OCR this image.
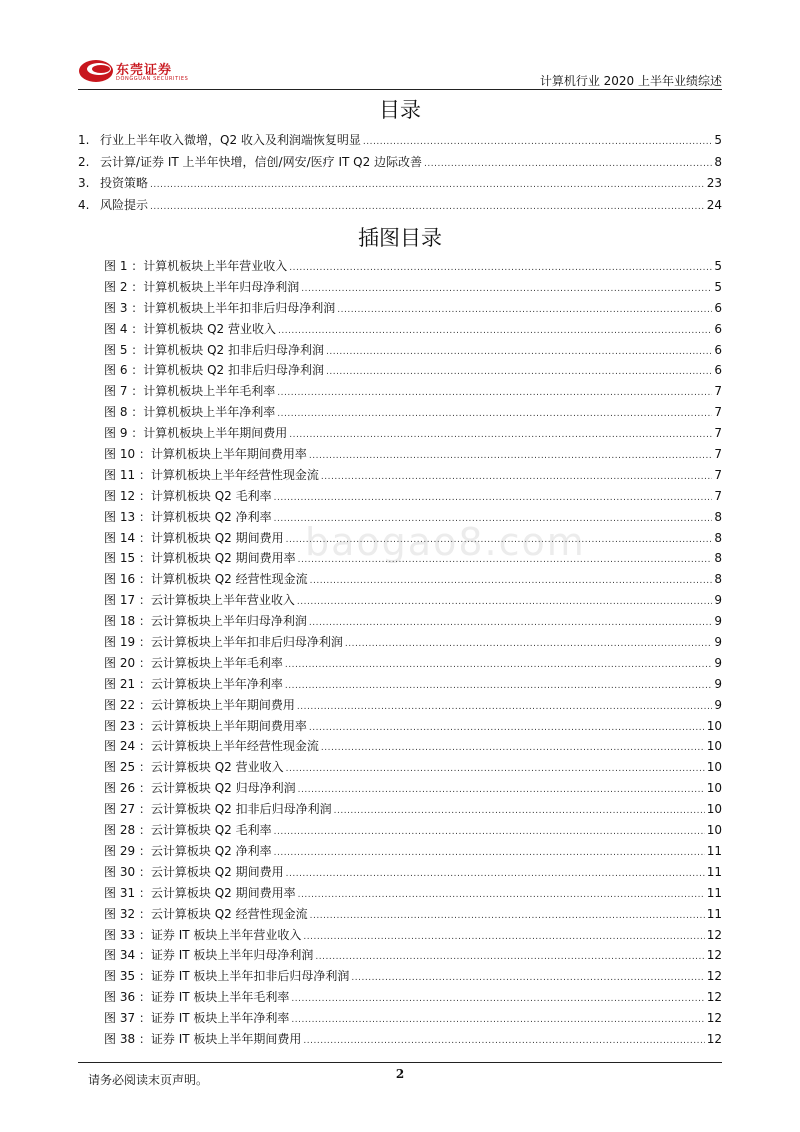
东莞证券
DONGGUAN SECURITIES	计算机行业 2020 上半年业绩综述
目录
1. 行业上半年收入微增，Q2 收入及利润端恢复明显 .....	5
2. 云计算/证券 IT 上半年快增，信创/网安/医疗 IT Q2 边际改善 .....	8
3. 投资策略 .....	23
4. 风险提示 .....	24
插图目录
图 1 ： 计算机板块上半年营业收入 .....	5
图 2 ： 计算机板块上半年归母净利润 .....	5
图 3 ： 计算机板块上半年扣非后归母净利润 .....	6
图 4 ： 计算机板块 Q2 营业收入 .....	6
图 5 ： 计算机板块 Q2 扣非后归母净利润 .....	6
图 6 ： 计算机板块 Q2 扣非后归母净利润 .....	6
图 7 ： 计算机板块上半年毛利率 .....	7
图 8 ： 计算机板块上半年净利率 .....	7
图 9 ： 计算机板块上半年期间费用 .....	7
图 10 ： 计算机板块上半年期间费用率 .....	7
图 11 ： 计算机板块上半年经营性现金流 .....	7
图 12 ： 计算机板块 Q2 毛利率 .....	7
图 13 ： 计算机板块 Q2 净利率 .....	8
图 14 ： 计算机板块 Q2 期间费用 .....	8
图 15 ： 计算机板块 Q2 期间费用率 .....	8
图 16 ： 计算机板块 Q2 经营性现金流 .....	8
图 17 ： 云计算板块上半年营业收入 .....	9
图 18 ： 云计算板块上半年归母净利润 .....	9
图 19 ： 云计算板块上半年扣非后归母净利润 .....	9
图 20 ： 云计算板块上半年毛利率 .....	9
图 21 ： 云计算板块上半年净利率 .....	9
图 22 ： 云计算板块上半年期间费用 .....	9
图 23 ： 云计算板块上半年期间费用率 .....	10
图 24 ： 云计算板块上半年经营性现金流 .....	10
图 25 ： 云计算板块 Q2 营业收入 .....	10
图 26 ： 云计算板块 Q2 归母净利润 .....	10
图 27 ： 云计算板块 Q2 扣非后归母净利润 .....	10
图 28 ： 云计算板块 Q2 毛利率 .....	10
图 29 ： 云计算板块 Q2 净利率 .....	11
图 30 ： 云计算板块 Q2 期间费用 .....	11
图 31 ： 云计算板块 Q2 期间费用率 .....	11
图 32 ： 云计算板块 Q2 经营性现金流 .....	11
图 33 ： 证券 IT 板块上半年营业收入 .....	12
图 34 ： 证券 IT 板块上半年归母净利润 .....	12
图 35 ： 证券 IT 板块上半年扣非后归母净利润 .....	12
图 36 ： 证券 IT 板块上半年毛利率 .....	12
图 37 ： 证券 IT 板块上半年净利率 .....	12
图 38 ： 证券 IT 板块上半年期间费用 .....	12
baogao8.com
请务必阅读末页声明。	2
